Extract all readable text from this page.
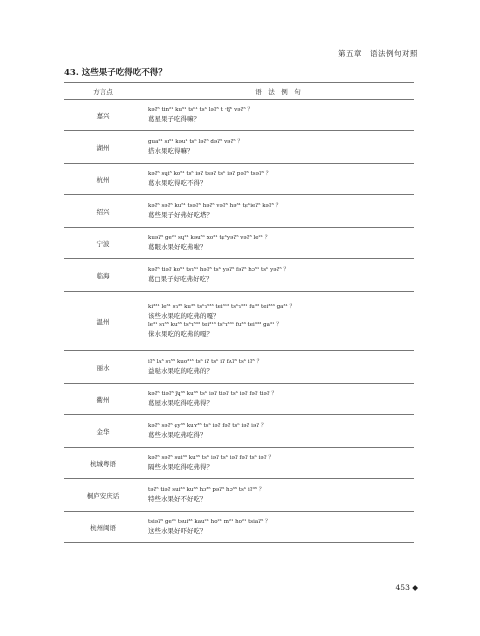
第五章　语法例句对照
43. 这些果子吃得吃不得？
方言点	语　法　例　句
嘉兴	kəʔ⁵ tin²¹ ku⁵¹ tsʰ¹ tsʰ ləʔ⁵ t ·tʃʰ vəʔ⁵ ？
葛星果子吃得嘛？

湖州	gua²¹ sɪ⁵¹ kəu¹ tsʰ ləʔ⁵ dəʔ⁵ vəʔ⁵ ？
搭水果吃得嘛？

杭州	kəʔ⁵ sɥi⁵ ko⁵¹ ts⁵ iəʔ tsəʔ tsʰ iəʔ pəʔ⁵ tsəʔ⁵ ？
葛水果吃得吃不得？

绍兴	kəʔ⁵ səʔ⁵ ku⁵¹ tsəʔ⁵ həʔ⁵ vəʔ⁵ hə³¹ tɕʰieʔ⁵ kəʔ⁵ ？
葛些果子好弗好吃塔？

宁波	kuəʔ⁵ ge²¹ sɥ²¹ kəu⁵¹ xo²¹ tɕʰyəʔ⁵ vəʔ⁵ le²¹ ？
葛眼水果好吃弗啦？

临海	kəʔ⁵ tiəʔ ko⁵¹ tsɿ⁵¹ həʔ⁵ tsʰ yəʔ⁵ fəʔ⁵ hɔ⁵¹ tsʰ yəʔ⁵ ？
葛□果子好吃弗好吃？

温州	ki³³¹ le³¹ sɿ³⁵ ku³⁵ tsʰɿ⁵³³ tei³¹³ tsʰɿ³³¹ fu³³ tei³³³ ga³¹ ？
该些水果吃的吃弗的嘎？
le³¹ sɿ³⁵ ku³⁵ tsʰɿ⁵³³ tei³¹³ tsʰɿ³³¹ fu³³ tei³³³ ga³¹ ？
俫水果吃的吃弗的嘎？

丽水	iʔ⁵ lʌ³ sɿ⁵⁵ kuo³¹³ tsʰ iʔ tsʰ iʔ fʌʔ⁵ tsʰ iʔ⁵ ？
益哒水果吃的吃弗的？

衢州	kəʔ⁵ tiəʔ⁵ ʃɥ³⁵ ku³⁵ tsʰ iəʔ tiəʔ tsʰ iəʔ fəʔ tiəʔ ？
葛屋水果吃得吃弗得？

金华	kəʔ⁵ səʔ⁵ ɕy³⁵ kuʏ³⁵ tsʰ iəʔ fəʔ tsʰ iəʔ iəʔ ？
葛些水果吃弗吃得？

杭城粤语	kəʔ⁵ səʔ⁵ sui³³ ku³⁵ tsʰ iəʔ tsʰ iəʔ fəʔ tsʰ iəʔ ？
隔些水果吃得吃弗得？

桐庐安庆话	təʔ⁵ tiəʔ sui³³ ku³⁵ hɔ³⁵ pəʔ⁵ hɔ³⁵ tsʰ iʔ³⁵ ？
特些水果好不好吃？

杭州闽语	tsiəʔ⁵ ge²¹ tsui³³ kau²¹ ho²¹ m²¹ ho²¹ tsiaʔ⁵ ？
这些水果好吓好吃？
453 ◆
